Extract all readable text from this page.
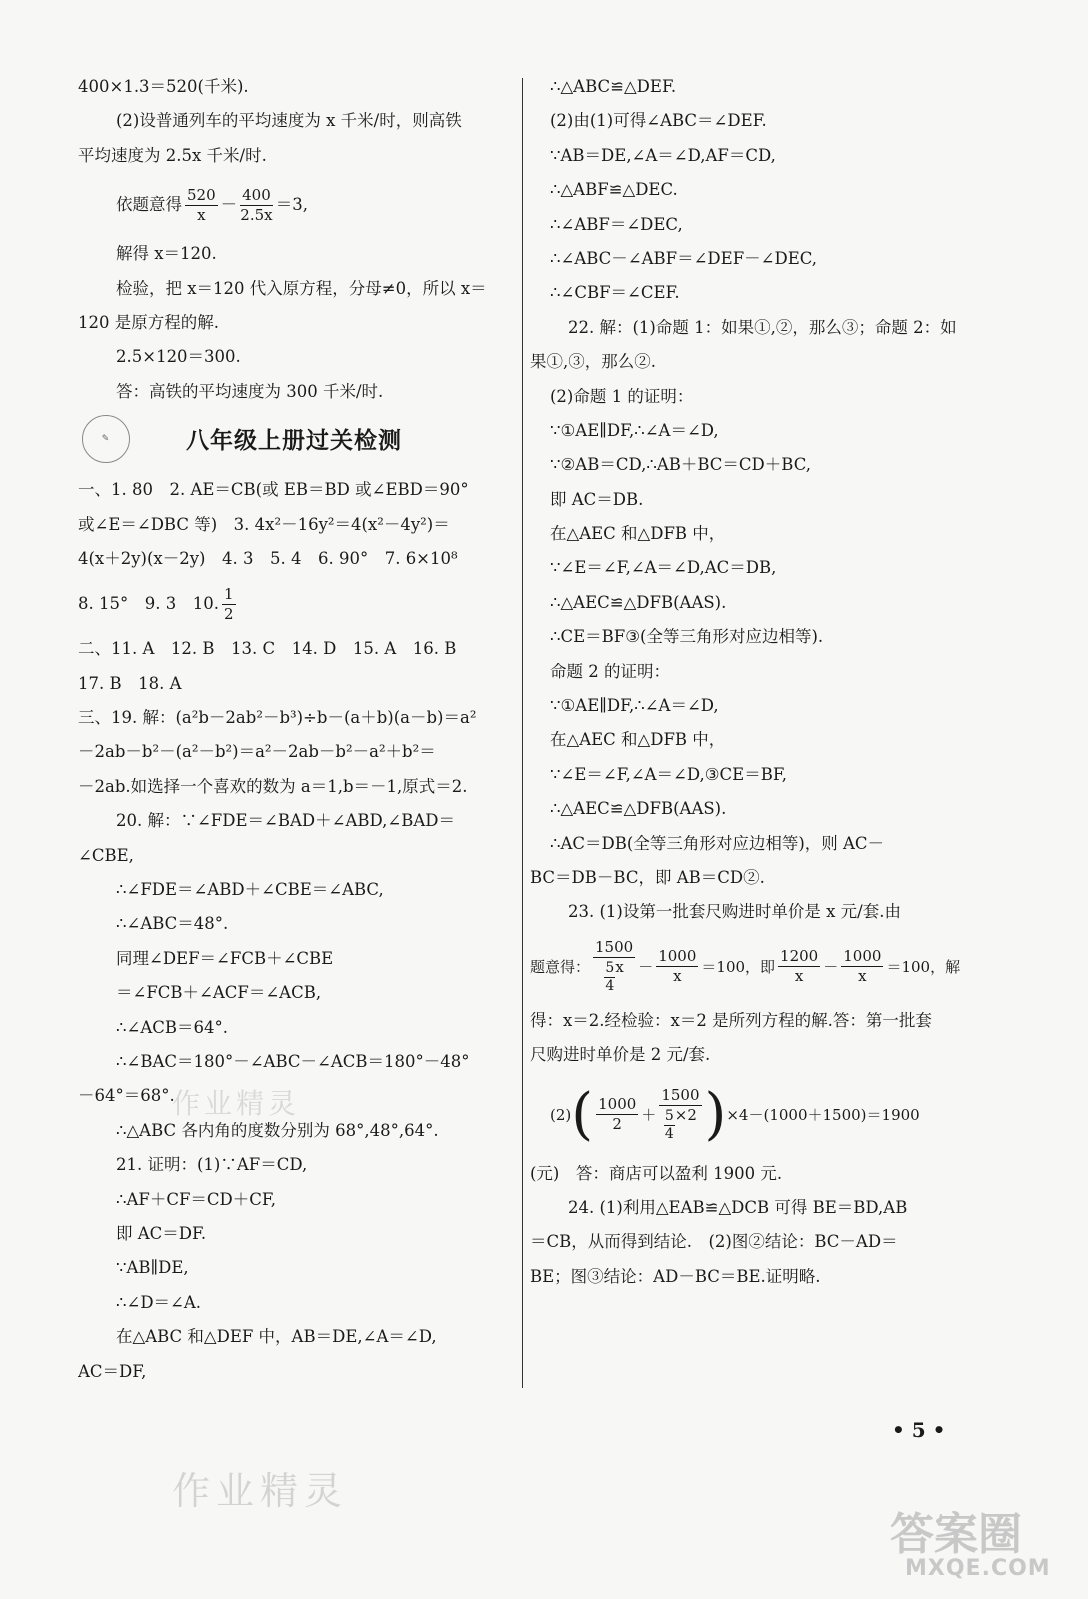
400×1.3＝520(千米).
(2)设普通列车的平均速度为 x 千米/时，则高铁
平均速度为 2.5x 千米/时.
依题意得 $\frac{520}{x} - \frac{400}{2.5x} =3$,
解得 x＝120.
检验，把 x＝120 代入原方程，分母≠0，所以 x＝
120 是原方程的解.
2.5×120＝300.
答：高铁的平均速度为 300 千米/时.
✎	八年级上册过关检测
一、1. 80　2. AE＝CB(或 EB＝BD 或∠EBD＝90°
或∠E＝∠DBC 等)　3. 4x²－16y²＝4(x²－4y²)＝
4(x＋2y)(x－2y)　4. 3　5. 4　6. 90°　7. 6×10⁸
8. 15°　9. 3　10. $\frac{1}{2}$
二、11. A　12. B　13. C　14. D　15. A　16. B
17. B　18. A
三、19. 解：(a²b－2ab²－b³)÷b－(a＋b)(a－b)＝a²
－2ab－b²－(a²－b²)＝a²－2ab－b²－a²＋b²＝
－2ab.如选择一个喜欢的数为 a＝1,b＝－1,原式＝2.
20. 解：∵∠FDE＝∠BAD＋∠ABD,∠BAD＝
∠CBE,
∴∠FDE＝∠ABD＋∠CBE＝∠ABC,
∴∠ABC＝48°.
同理∠DEF＝∠FCB＋∠CBE
＝∠FCB＋∠ACF＝∠ACB,
∴∠ACB＝64°.
∴∠BAC＝180°－∠ABC－∠ACB＝180°－48°
－64°＝68°.
∴△ABC 各内角的度数分别为 68°,48°,64°.
21. 证明：(1)∵AF＝CD,
∴AF＋CF＝CD＋CF,
即 AC＝DF.
∵AB∥DE,
∴∠D＝∠A.
在△ABC 和△DEF 中，AB＝DE,∠A＝∠D,
AC＝DF,
∴△ABC≌△DEF.
(2)由(1)可得∠ABC＝∠DEF.
∵AB＝DE,∠A＝∠D,AF＝CD,
∴△ABF≌△DEC.
∴∠ABF＝∠DEC,
∴∠ABC－∠ABF＝∠DEF－∠DEC,
∴∠CBF＝∠CEF.
22. 解：(1)命题 1：如果①,②，那么③；命题 2：如
果①,③，那么②.
(2)命题 1 的证明：
∵①AE∥DF,∴∠A＝∠D,
∵②AB＝CD,∴AB＋BC＝CD＋BC,
即 AC＝DB.
在△AEC 和△DFB 中，
∵∠E＝∠F,∠A＝∠D,AC＝DB,
∴△AEC≌△DFB(AAS).
∴CE＝BF③(全等三角形对应边相等).
命题 2 的证明：
∵①AE∥DF,∴∠A＝∠D,
在△AEC 和△DFB 中，
∵∠E＝∠F,∠A＝∠D,③CE＝BF,
∴△AEC≌△DFB(AAS).
∴AC＝DB(全等三角形对应边相等)，则 AC－
BC＝DB－BC，即 AB＝CD②.
23. (1)设第一批套尺购进时单价是 x 元/套.由
题意得： $\frac{1500}{\frac{5}{4} x} - \frac{1000}{x} =100$，即 $\frac{1200}{x} - \frac{1000}{x} =100$，解
得：x＝2.经检验：x＝2 是所列方程的解.答：第一批套
尺购进时单价是 2 元/套.
(2) ( $\frac{1000}{2} + \frac{1500}{\frac{5}{4} \times 2}$ ) ×4－(1000＋1500)＝1900
(元)　答：商店可以盈利 1900 元.
24. (1)利用△EAB≌△DCB 可得 BE＝BD,AB
＝CB，从而得到结论.　(2)图②结论：BC－AD＝
BE；图③结论：AD－BC＝BE.证明略.
• 5 •
作业精灵
作业精灵
答案圈
MXQE.COM
